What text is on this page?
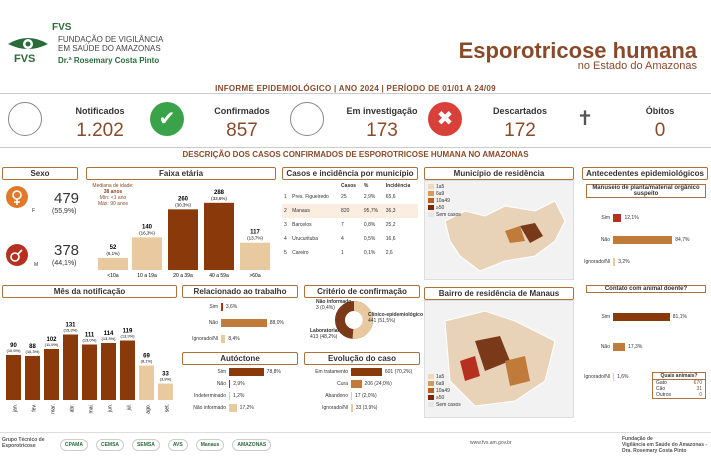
FVS
FVS
FUNDAÇÃO DE VIGILÂNCIA
EM SAÚDE DO AMAZONAS
Dr.ª Rosemary Costa Pinto	Esporotricose humana
no Estado do Amazonas
INFORME EPIDEMIOLÓGICO | ANO 2024 | PERÍODO DE 01/01 A 24/09
Notificados
1.202
✔	Confirmados
857
Em investigação
173
✖	Descartados
172
✝	Óbitos
0
DESCRIÇÃO DOS CASOS CONFIRMADOS DE ESPOROTRICOSE HUMANA NO AMAZONAS
Sexo
F
479
(55,9%)
M
378
(44,1%)
Faixa etária
Mediana de idade:
38 anos
Mín: <1 ano
Máx: 90 anos
52
(6,1%)
<10a
140
(16,3%)
10 a 19a
260
(30,3%)
20 a 39a
288
(33,6%)
40 a 59a
117
(13,7%)
>60a
Casos e incidência por município
		Casos	%	Incidência
1	Pres. Figueiredo	25	2,9%	65,6
2	Manaus	820	95,7%	36,3
3	Barcelos	7	0,8%	25,2
4	Urucurituba	4	0,5%	16,6
5	Careiro	1	0,1%	2,6
Município de residência
1a5
6a9
10a49
≥50
Sem casos
Bairro de residência de Manaus
1a5
6a9
10a49
≥50
Sem casos
Antecedentes epidemiológicos
Manuseio de planta/material orgânico suspeito
Sim	12,1%
Não	84,7%
Ignorado/Nl 3,2%
Contato com animal doente?
Sim	81,1%
Não	17,3%
Ignorado/Nl 1,6%	Quais animais?
Gato	670
Cão	31
Outros	0
Mês da notificação
90
(10,5%)
jan.
88
(10,3%)
fev.
102
(11,9%)
mar.
131
(15,3%)
abr.
111
(13,0%)
mai.
114
(13,3%)
jun.
119
(13,9%)
jul.
69
(8,1%)
ago.
33
(3,9%)
set.
Relacionado ao trabalho
Sim 3,6%
Não	88,0%
Ignorado/Nl 8,4%
Critério de confirmação
Não informado
3 (0,4%)
Clínico-epidemiológico
441 (51,5%)
Laboratorial
413 (48,2%)
Autóctone
Sim	78,8%
Não 2,9%
Indeterminado 1,2%
Não informado	17,2%
Evolução do caso
Em tratamento	601 (70,2%)
Cura	206 (24,0%)
Abandono 17 (2,0%)
Ignorado/Nl 33 (3,9%)
Grupo Técnico de Esporotricose	CPAMA	CEMSA	SEMSA	AVS	Manaus	AMAZONAS	www.fvs.am.gov.br
Fundação de
Vigilância em Saúde do Amazonas -
Dra. Rosemary Costa Pinto
